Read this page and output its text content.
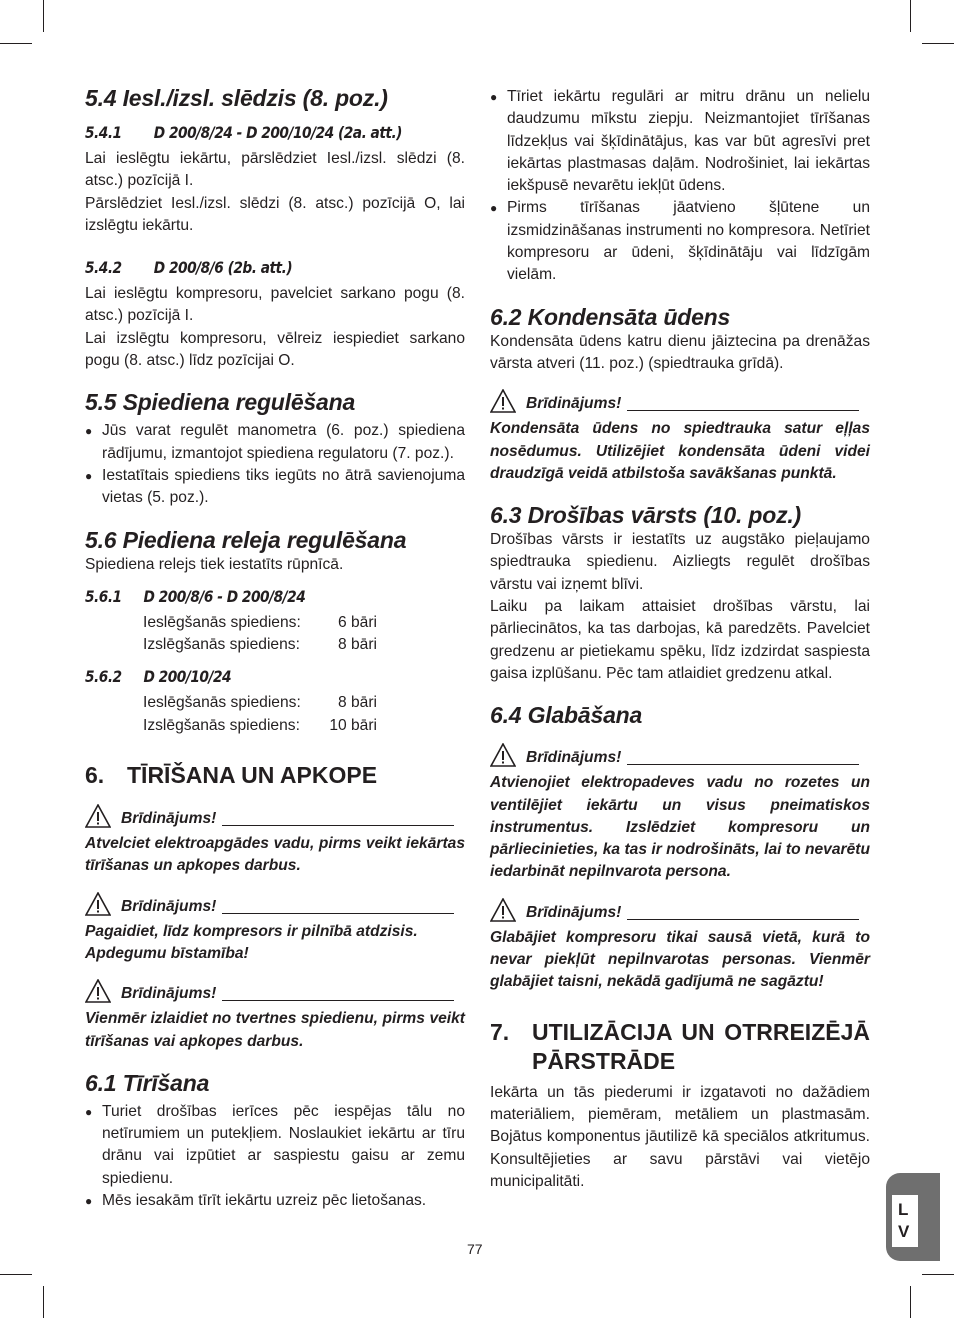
5.4 Iesl./izsl. slēdzis (8. poz.)
5.4.1 D 200/8/24 - D 200/10/24 (2a. att.)

Lai ieslēgtu iekārtu, pārslēdziet Iesl./izsl. slēdzi (8. atsc.) pozīcijā I.

Pārslēdziet Iesl./izsl. slēdzi (8. atsc.) pozīcijā O, lai izslēgtu iekārtu.

5.4.2 D 200/8/6 (2b. att.)

Lai ieslēgtu kompresoru, pavelciet sarkano pogu (8. atsc.) pozīcijā I.

Lai izslēgtu kompresoru, vēlreiz iespiediet sarkano pogu (8. atsc.) līdz pozīcijai O.

5.5 Spiediena regulēšana
● Jūs varat regulēt manometra (6. poz.) spiediena rādījumu, izmantojot spiediena regulatoru (7. poz.).
● Iestatītais spiediens tiks iegūts no ātrā savienojuma vietas (5. poz.).
5.6 Piediena releja regulēšana

Spiediena relejs tiek iestatīts rūpnīcā.

5.6.1 D 200/8/6 - D 200/8/24
Ieslēgšanās spiediens:	6 bāri
Izslēgšanās spiediens:	8 bāri
5.6.2 D 200/10/24
Ieslēgšanās spiediens:	8 bāri
Izslēgšanās spiediens:	10 bāri
6. TĪRĪŠANA UN APKOPE
Brīdinājums!

Atvelciet elektroapgādes vadu, pirms veikt iekārtas tīrīšanas un apkopes darbus.

Brīdinājums!

Pagaidiet, līdz kompresors ir pilnībā atdzisis. Apdegumu bīstamība!

Brīdinājums!

Vienmēr izlaidiet no tvertnes spiedienu, pirms veikt tīrīšanas vai apkopes darbus.

6.1 Tīrīšana
● Turiet drošības ierīces pēc iespējas tālu no netīrumiem un putekļiem. Noslaukiet iekārtu ar tīru drānu vai izpūtiet ar saspiestu gaisu ar zemu spiedienu.
● Mēs iesakām tīrīt iekārtu uzreiz pēc lietošanas.
● Tīriet iekārtu regulāri ar mitru drānu un nelielu daudzumu mīkstu ziepju. Neizmantojiet tīrīšanas līdzekļus vai šķīdinātājus, kas var būt agresīvi pret iekārtas plastmasas daļām. Nodrošiniet, lai iekārtas iekšpusē nevarētu iekļūt ūdens.
● Pirms tīrīšanas jāatvieno šļūtene un izsmidzināšanas instrumenti no kompresora. Netīriet kompresoru ar ūdeni, šķīdinātāju vai līdzīgām vielām.
6.2 Kondensāta ūdens

Kondensāta ūdens katru dienu jāiztecina pa drenāžas vārsta atveri (11. poz.) (spiedtrauka grīdā).

Brīdinājums!

Kondensāta ūdens no spiedtrauka satur eļļas nosēdumus. Utilizējiet kondensāta ūdeni videi draudzīgā veidā atbilstoša savākšanas punktā.

6.3 Drošības vārsts (10. poz.)

Drošības vārsts ir iestatīts uz augstāko pieļaujamo spiedtrauka spiedienu. Aizliegts regulēt drošības vārstu vai izņemt blīvi.

Laiku pa laikam attaisiet drošības vārstu, lai pārliecinātos, ka tas darbojas, kā paredzēts. Pavelciet gredzenu ar pietiekamu spēku, līdz izdzirdat saspiesta gaisa izplūšanu. Pēc tam atlaidiet gredzenu atkal.

6.4 Glabāšana
Brīdinājums!

Atvienojiet elektropadeves vadu no rozetes un ventilējiet iekārtu un visus pneimatiskos instrumentus. Izslēdziet kompresoru un pārliecinieties, ka tas ir nodrošināts, lai to nevarētu iedarbināt nepilnvarota persona.

Brīdinājums!

Glabājiet kompresoru tikai sausā vietā, kurā to nevar piekļūt nepilnvarotas personas. Vienmēr glabājiet taisni, nekādā gadījumā ne sagāztu!

7. UTILIZĀCIJA UN OTRREIZĒJĀ PĀRSTRĀDE

Iekārta un tās piederumi ir izgatavoti no dažādiem materiāliem, piemēram, metāliem un plastmasām. Bojātus komponentus jāutilizē kā speciālos atkritumus. Konsultējieties ar savu pārstāvi vai vietējo municipalitāti.

L
V
77
